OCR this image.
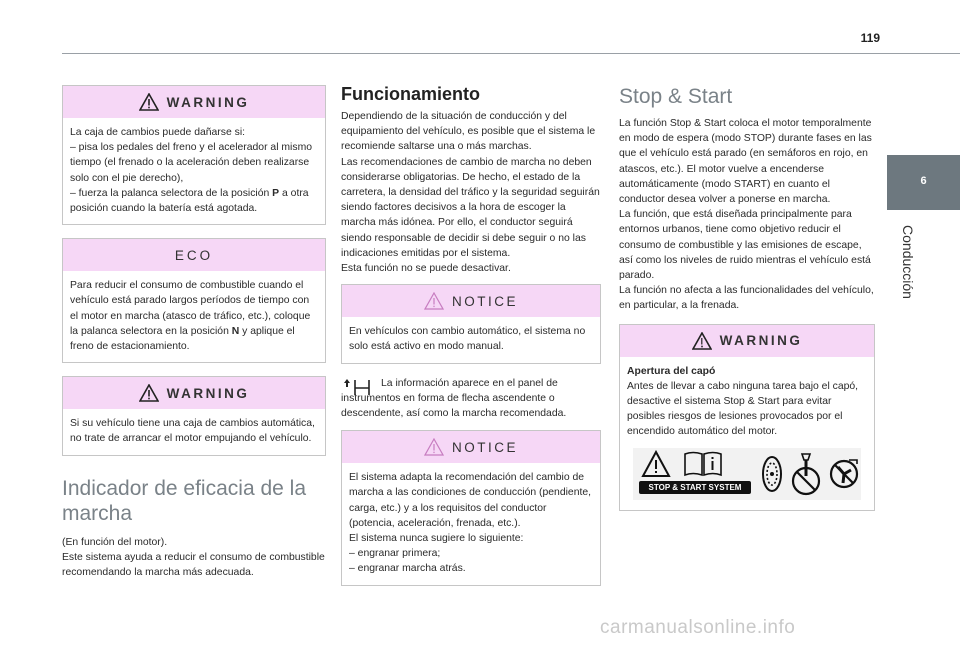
119
6
Conducción
WARNING

La caja de cambios puede dañarse si:

– pisa los pedales del freno y el acelerador al mismo tiempo (el frenado o la aceleración deben realizarse solo con el pie derecho),

– fuerza la palanca selectora de la posición P a otra posición cuando la batería está agotada.

ECO

Para reducir el consumo de combustible cuando el vehículo está parado largos períodos de tiempo con el motor en marcha (atasco de tráfico, etc.), coloque la palanca selectora en la posición N y aplique el freno de estacionamiento.

WARNING

Si su vehículo tiene una caja de cambios automática, no trate de arrancar el motor empujando el vehículo.

Indicador de eficacia de la marcha

(En función del motor).

Este sistema ayuda a reducir el consumo de combustible recomendando la marcha más adecuada.

Funcionamiento

Dependiendo de la situación de conducción y del equipamiento del vehículo, es posible que el sistema le recomiende saltarse una o más marchas.

Las recomendaciones de cambio de marcha no deben considerarse obligatorias. De hecho, el estado de la carretera, la densidad del tráfico y la seguridad seguirán siendo factores decisivos a la hora de escoger la marcha más idónea. Por ello, el conductor seguirá siendo responsable de decidir si debe seguir o no las indicaciones emitidas por el sistema.

Esta función no se puede desactivar.

NOTICE

En vehículos con cambio automático, el sistema no solo está activo en modo manual.

La información aparece en el panel de instrumentos en forma de flecha ascendente o descendente, así como la marcha recomendada.

NOTICE

El sistema adapta la recomendación del cambio de marcha a las condiciones de conducción (pendiente, carga, etc.) y a los requisitos del conductor (potencia, aceleración, frenada, etc.).

El sistema nunca sugiere lo siguiente:

– engranar primera;

– engranar marcha atrás.

Stop & Start

La función Stop & Start coloca el motor temporalmente en modo de espera (modo STOP) durante fases en las que el vehículo está parado (en semáforos en rojo, en atascos, etc.). El motor vuelve a encenderse automáticamente (modo START) en cuanto el conductor desea volver a ponerse en marcha.

La función, que está diseñada principalmente para entornos urbanos, tiene como objetivo reducir el consumo de combustible y las emisiones de escape, así como los niveles de ruido mientras el vehículo está parado.

La función no afecta a las funcionalidades del vehículo, en particular, a la frenada.

WARNING

Apertura del capó

Antes de llevar a cabo ninguna tarea bajo el capó, desactive el sistema Stop & Start para evitar posibles riesgos de lesiones provocados por el encendido automático del motor.

STOP & START SYSTEM
carmanualsonline.info
